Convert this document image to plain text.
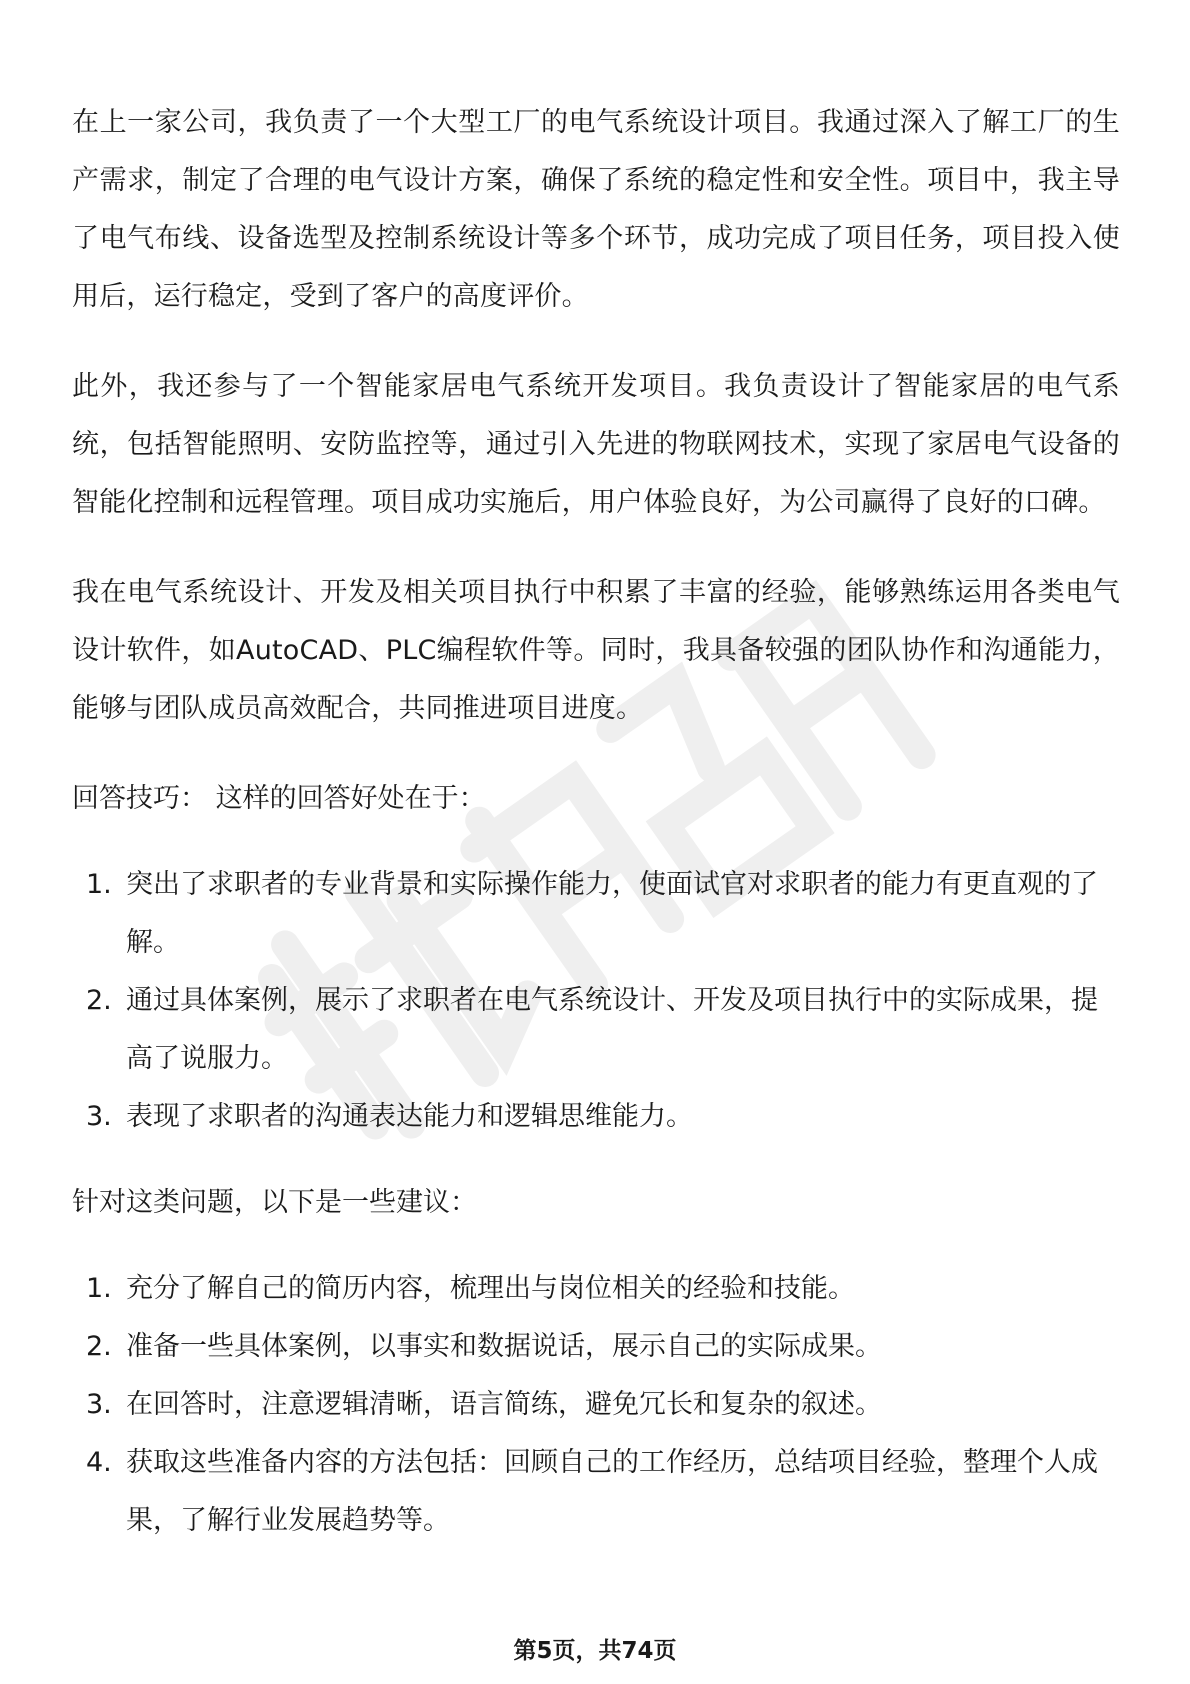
在上一家公司，我负责了一个大型工厂的电气系统设计项目。我通过深入了解工厂的生产需求，制定了合理的电气设计方案，确保了系统的稳定性和安全性。项目中，我主导了电气布线、设备选型及控制系统设计等多个环节，成功完成了项目任务，项目投入使用后，运行稳定，受到了客户的高度评价。

此外，我还参与了一个智能家居电气系统开发项目。我负责设计了智能家居的电气系统，包括智能照明、安防监控等，通过引入先进的物联网技术，实现了家居电气设备的智能化控制和远程管理。项目成功实施后，用户体验良好，为公司赢得了良好的口碑。

我在电气系统设计、开发及相关项目执行中积累了丰富的经验，能够熟练运用各类电气设计软件，如AutoCAD、PLC编程软件等。同时，我具备较强的团队协作和沟通能力，能够与团队成员高效配合，共同推进项目进度。

回答技巧： 这样的回答好处在于：

1. 突出了求职者的专业背景和实际操作能力，使面试官对求职者的能力有更直观的了解。
2. 通过具体案例，展示了求职者在电气系统设计、开发及项目执行中的实际成果，提高了说服力。
3. 表现了求职者的沟通表达能力和逻辑思维能力。

针对这类问题，以下是一些建议：

1. 充分了解自己的简历内容，梳理出与岗位相关的经验和技能。
2. 准备一些具体案例，以事实和数据说话，展示自己的实际成果。
3. 在回答时，注意逻辑清晰，语言简练，避免冗长和复杂的叙述。
4. 获取这些准备内容的方法包括：回顾自己的工作经历，总结项目经验，整理个人成果，了解行业发展趋势等。
第5页，共74页
